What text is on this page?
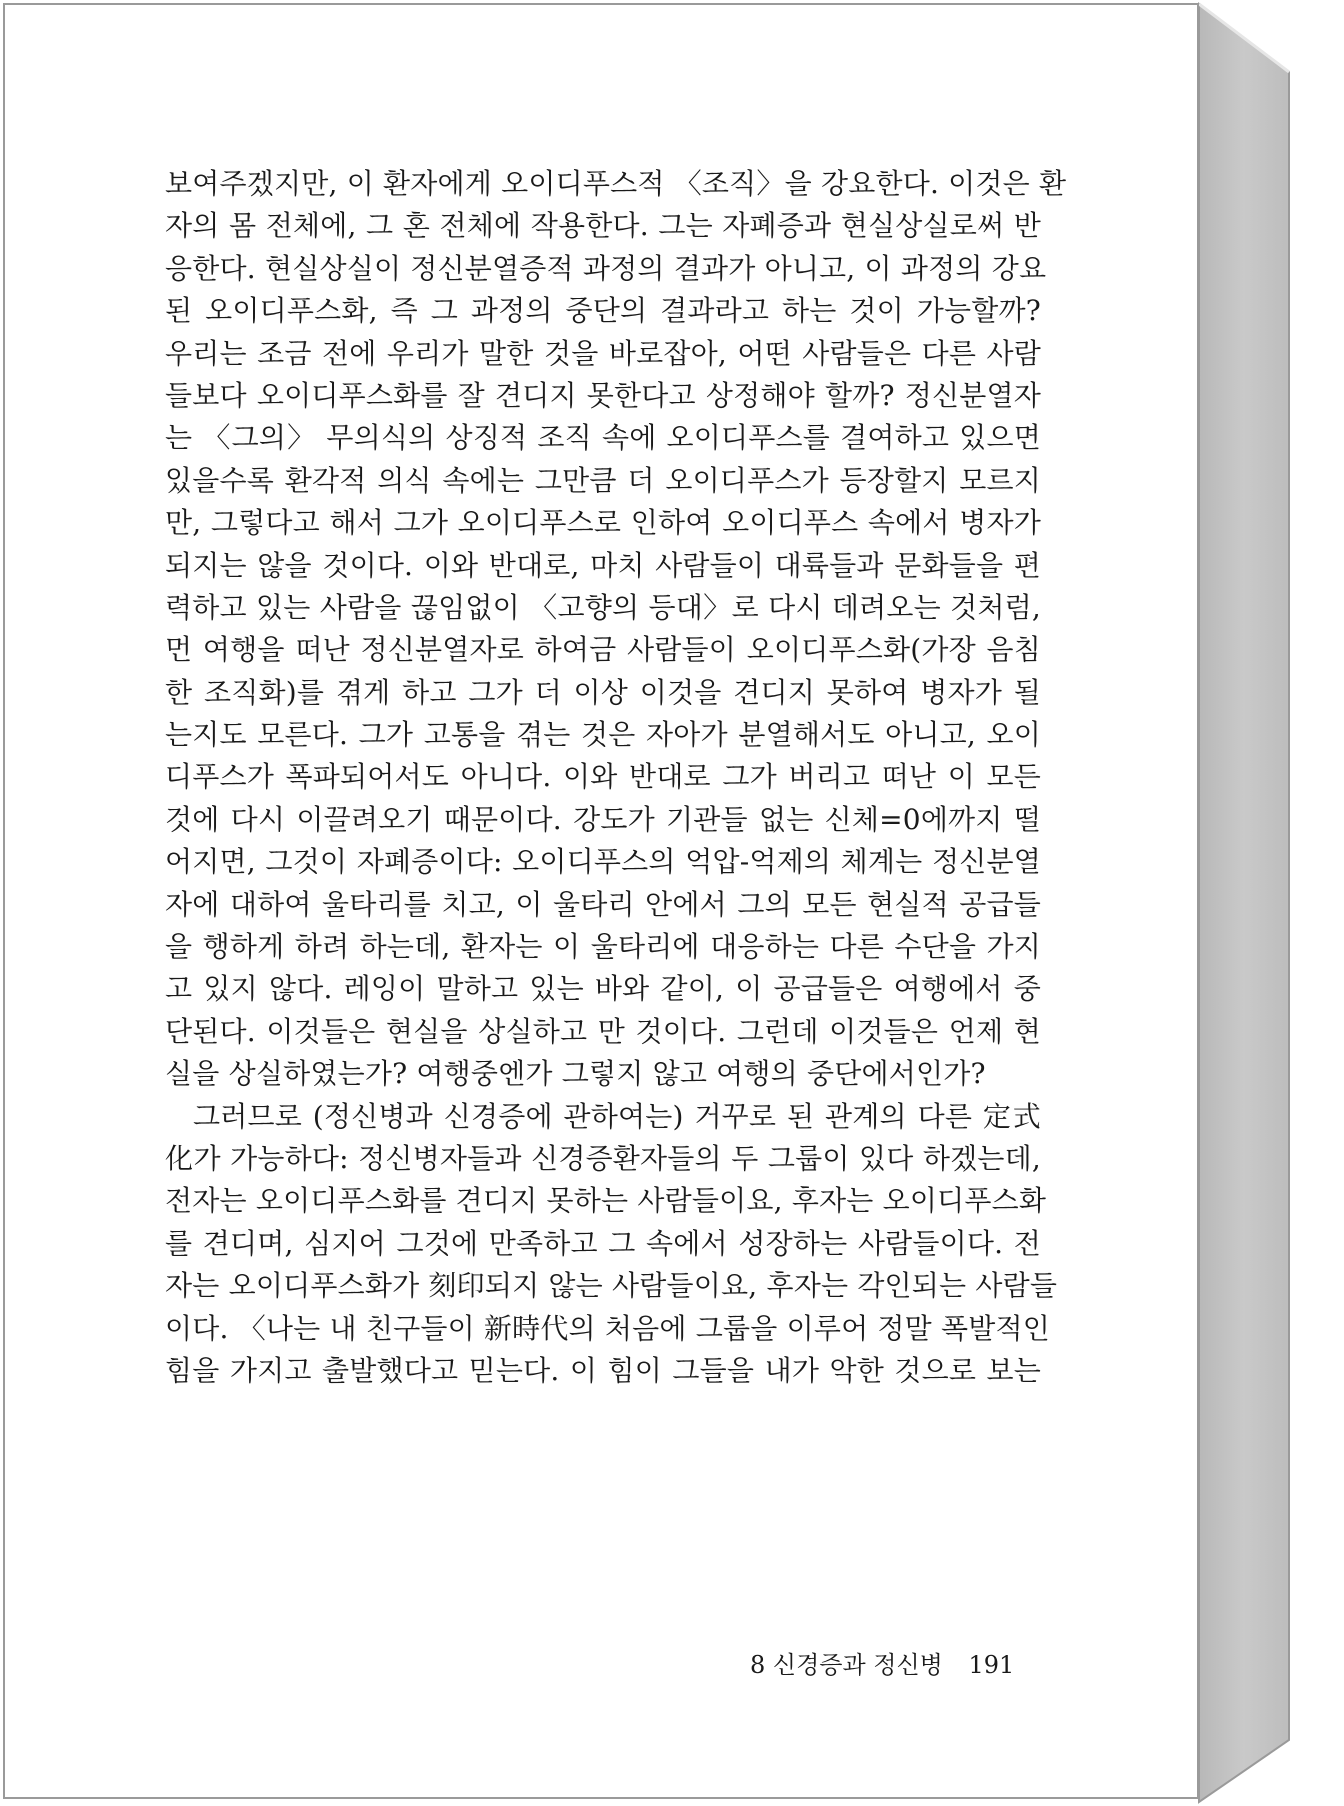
보여주겠지만, 이 환자에게 오이디푸스적 〈조직〉을 강요한다. 이것은 환
자의 몸 전체에, 그 혼 전체에 작용한다. 그는 자폐증과 현실상실로써 반
응한다. 현실상실이 정신분열증적 과정의 결과가 아니고, 이 과정의 강요
된 오이디푸스화, 즉 그 과정의 중단의 결과라고 하는 것이 가능할까?
우리는 조금 전에 우리가 말한 것을 바로잡아, 어떤 사람들은 다른 사람
들보다 오이디푸스화를 잘 견디지 못한다고 상정해야 할까? 정신분열자
는 〈그의〉 무의식의 상징적 조직 속에 오이디푸스를 결여하고 있으면
있을수록 환각적 의식 속에는 그만큼 더 오이디푸스가 등장할지 모르지
만, 그렇다고 해서 그가 오이디푸스로 인하여 오이디푸스 속에서 병자가
되지는 않을 것이다. 이와 반대로, 마치 사람들이 대륙들과 문화들을 편
력하고 있는 사람을 끊임없이 〈고향의 등대〉로 다시 데려오는 것처럼,
먼 여행을 떠난 정신분열자로 하여금 사람들이 오이디푸스화(가장 음침
한 조직화)를 겪게 하고 그가 더 이상 이것을 견디지 못하여 병자가 될
는지도 모른다. 그가 고통을 겪는 것은 자아가 분열해서도 아니고, 오이
디푸스가 폭파되어서도 아니다. 이와 반대로 그가 버리고 떠난 이 모든
것에 다시 이끌려오기 때문이다. 강도가 기관들 없는 신체=0에까지 떨
어지면, 그것이 자폐증이다: 오이디푸스의 억압-억제의 체계는 정신분열
자에 대하여 울타리를 치고, 이 울타리 안에서 그의 모든 현실적 공급들
을 행하게 하려 하는데, 환자는 이 울타리에 대응하는 다른 수단을 가지
고 있지 않다. 레잉이 말하고 있는 바와 같이, 이 공급들은 여행에서 중
단된다. 이것들은 현실을 상실하고 만 것이다. 그런데 이것들은 언제 현
실을 상실하였는가? 여행중엔가 그렇지 않고 여행의 중단에서인가?
그러므로 (정신병과 신경증에 관하여는) 거꾸로 된 관계의 다른 定式
化가 가능하다: 정신병자들과 신경증환자들의 두 그룹이 있다 하겠는데,
전자는 오이디푸스화를 견디지 못하는 사람들이요, 후자는 오이디푸스화
를 견디며, 심지어 그것에 만족하고 그 속에서 성장하는 사람들이다. 전
자는 오이디푸스화가 刻印되지 않는 사람들이요, 후자는 각인되는 사람들
이다. 〈나는 내 친구들이 新時代의 처음에 그룹을 이루어 정말 폭발적인
힘을 가지고 출발했다고 믿는다. 이 힘이 그들을 내가 악한 것으로 보는
8 신경증과 정신병 191
